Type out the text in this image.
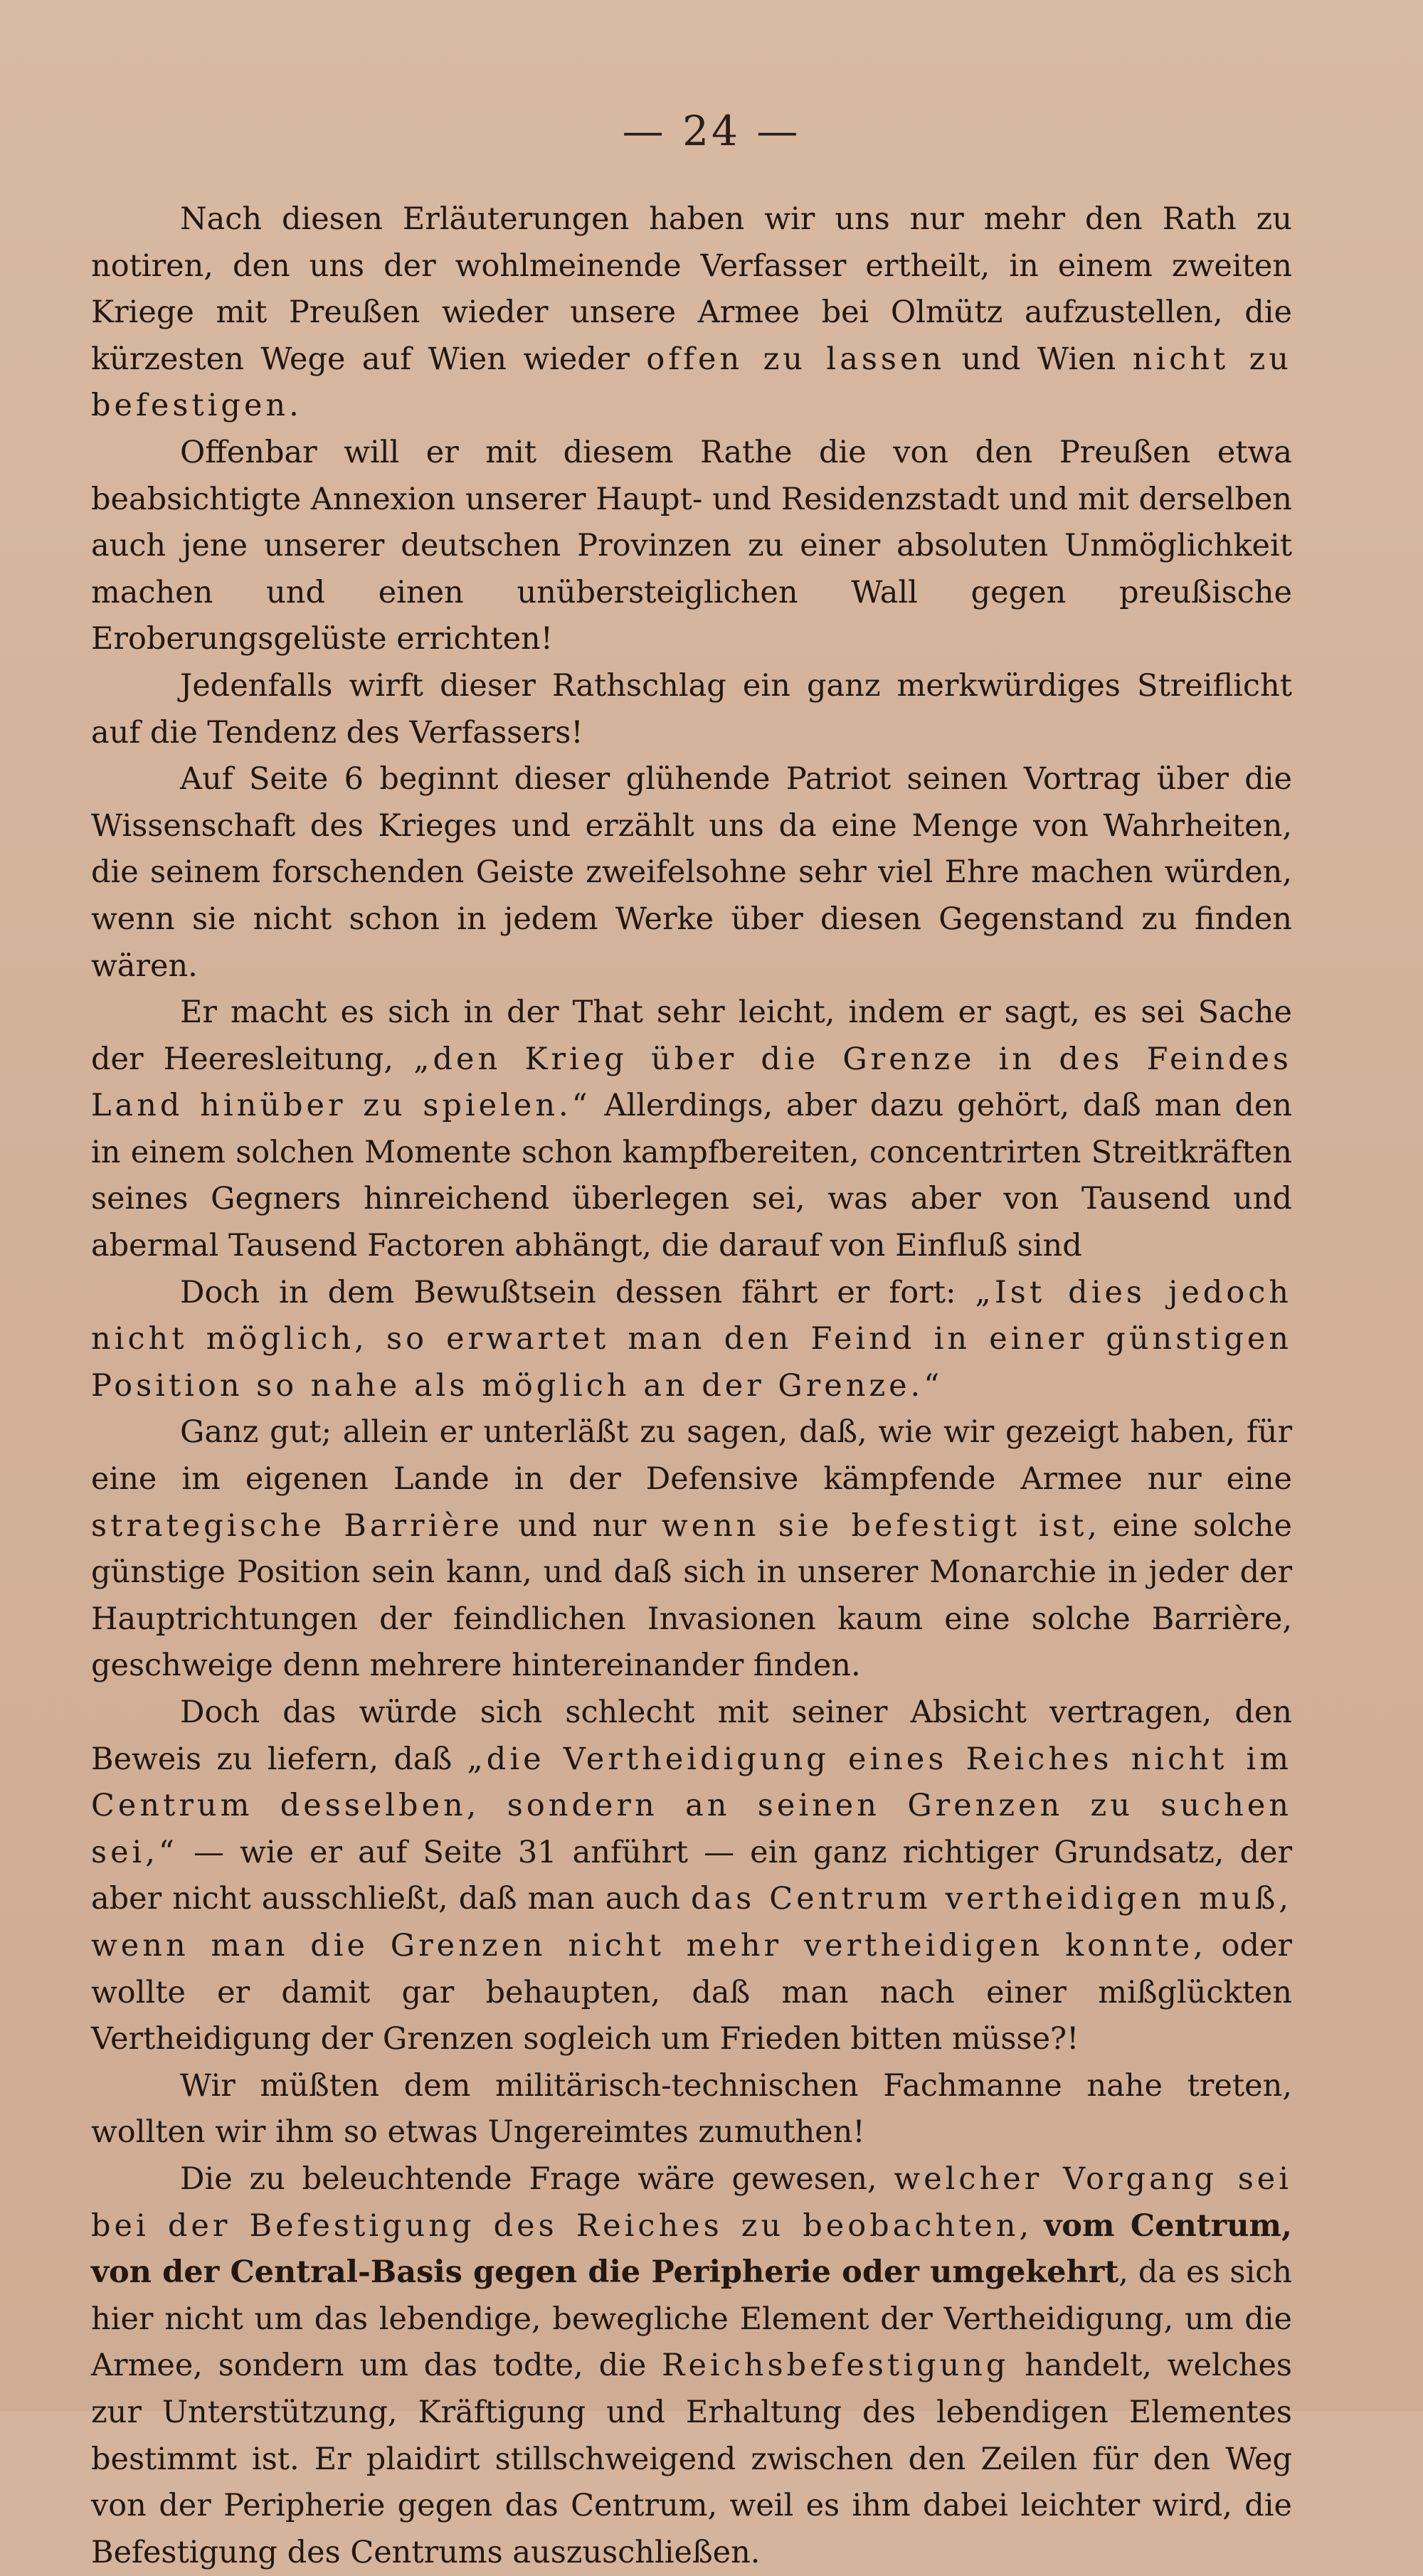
— 24 —

Nach diesen Erläuterungen haben wir uns nur mehr den Rath zu notiren, den uns der wohlmeinende Verfasser ertheilt, in einem zweiten Kriege mit Preußen wieder unsere Armee bei Olmütz aufzustellen, die kürzesten Wege auf Wien wieder offen zu lassen und Wien nicht zu befestigen.

Offenbar will er mit diesem Rathe die von den Preußen etwa beabsichtigte Annexion unserer Haupt- und Residenzstadt und mit derselben auch jene unserer deutschen Provinzen zu einer absoluten Unmöglichkeit machen und einen unübersteiglichen Wall gegen preußische Eroberungsgelüste errichten!

Jedenfalls wirft dieser Rathschlag ein ganz merkwürdiges Streiflicht auf die Tendenz des Verfassers!

Auf Seite 6 beginnt dieser glühende Patriot seinen Vortrag über die Wissenschaft des Krieges und erzählt uns da eine Menge von Wahrheiten, die seinem forschenden Geiste zweifelsohne sehr viel Ehre machen würden, wenn sie nicht schon in jedem Werke über diesen Gegenstand zu finden wären.

Er macht es sich in der That sehr leicht, indem er sagt, es sei Sache der Heeresleitung, „den Krieg über die Grenze in des Feindes Land hinüber zu spielen.“ Allerdings, aber dazu gehört, daß man den in einem solchen Momente schon kampfbereiten, concentrirten Streitkräften seines Gegners hinreichend überlegen sei, was aber von Tausend und abermal Tausend Factoren abhängt, die darauf von Einfluß sind

Doch in dem Bewußtsein dessen fährt er fort: „Ist dies jedoch nicht möglich, so erwartet man den Feind in einer günstigen Position so nahe als möglich an der Grenze.“

Ganz gut; allein er unterläßt zu sagen, daß, wie wir gezeigt haben, für eine im eigenen Lande in der Defensive kämpfende Armee nur eine strategische Barrière und nur wenn sie befestigt ist, eine solche günstige Position sein kann, und daß sich in unserer Monarchie in jeder der Hauptrichtungen der feindlichen Invasionen kaum eine solche Barrière, geschweige denn mehrere hintereinander finden.

Doch das würde sich schlecht mit seiner Absicht vertragen, den Beweis zu liefern, daß „die Vertheidigung eines Reiches nicht im Centrum desselben, sondern an seinen Grenzen zu suchen sei,“ — wie er auf Seite 31 anführt — ein ganz richtiger Grundsatz, der aber nicht ausschließt, daß man auch das Centrum vertheidigen muß, wenn man die Grenzen nicht mehr vertheidigen konnte, oder wollte er damit gar behaupten, daß man nach einer mißglückten Vertheidigung der Grenzen sogleich um Frieden bitten müsse?!

Wir müßten dem militärisch-technischen Fachmanne nahe treten, wollten wir ihm so etwas Ungereimtes zumuthen!

Die zu beleuchtende Frage wäre gewesen, welcher Vorgang sei bei der Befestigung des Reiches zu beobachten, vom Centrum, von der Central-Basis gegen die Peripherie oder umgekehrt, da es sich hier nicht um das lebendige, bewegliche Element der Vertheidigung, um die Armee, sondern um das todte, die Reichsbefestigung handelt, welches zur Unterstützung, Kräftigung und Erhaltung des lebendigen Elementes bestimmt ist. Er plaidirt stillschweigend zwischen den Zeilen für den Weg von der Peripherie gegen das Centrum, weil es ihm dabei leichter wird, die Befestigung des Centrums auszuschließen.
